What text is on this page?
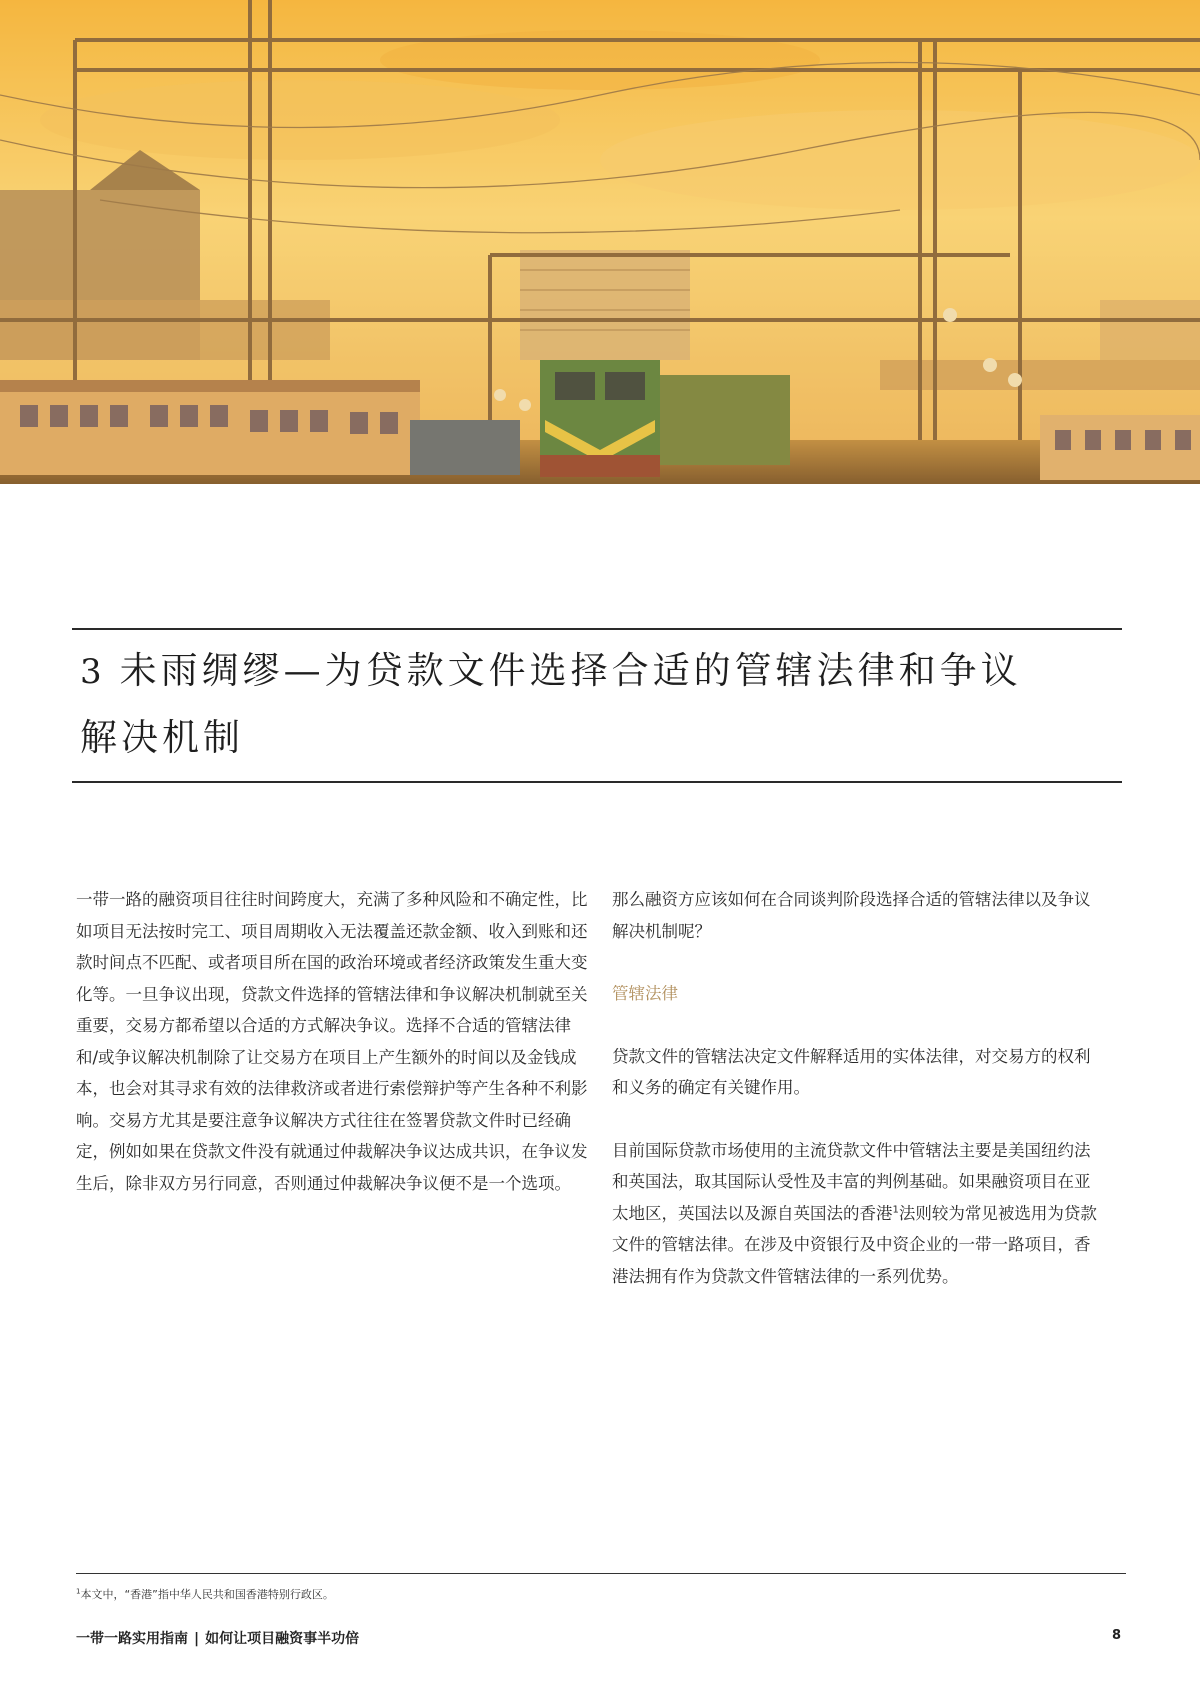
3 未雨绸缪—为贷款文件选择合适的管辖法律和争议
解决机制

一带一路的融资项目往往时间跨度大，充满了多种风险和不确定性，比如项目无法按时完工、项目周期收入无法覆盖还款金额、收入到账和还款时间点不匹配、或者项目所在国的政治环境或者经济政策发生重大变化等。一旦争议出现，贷款文件选择的管辖法律和争议解决机制就至关重要，交易方都希望以合适的方式解决争议。选择不合适的管辖法律和/或争议解决机制除了让交易方在项目上产生额外的时间以及金钱成本，也会对其寻求有效的法律救济或者进行索偿辩护等产生各种不利影响。交易方尤其是要注意争议解决方式往往在签署贷款文件时已经确定，例如如果在贷款文件没有就通过仲裁解决争议达成共识，在争议发生后，除非双方另行同意，否则通过仲裁解决争议便不是一个选项。

那么融资方应该如何在合同谈判阶段选择合适的管辖法律以及争议解决机制呢？

管辖法律

贷款文件的管辖法决定文件解释适用的实体法律，对交易方的权利和义务的确定有关键作用。

目前国际贷款市场使用的主流贷款文件中管辖法主要是美国纽约法和英国法，取其国际认受性及丰富的判例基础。如果融资项目在亚太地区，英国法以及源自英国法的香港$^1$法则较为常见被选用为贷款文件的管辖法律。在涉及中资银行及中资企业的一带一路项目，香港法拥有作为贷款文件管辖法律的一系列优势。

$^1$本文中，“香港”指中华人民共和国香港特别行政区。
一带一路实用指南 | 如何让项目融资事半功倍	8
